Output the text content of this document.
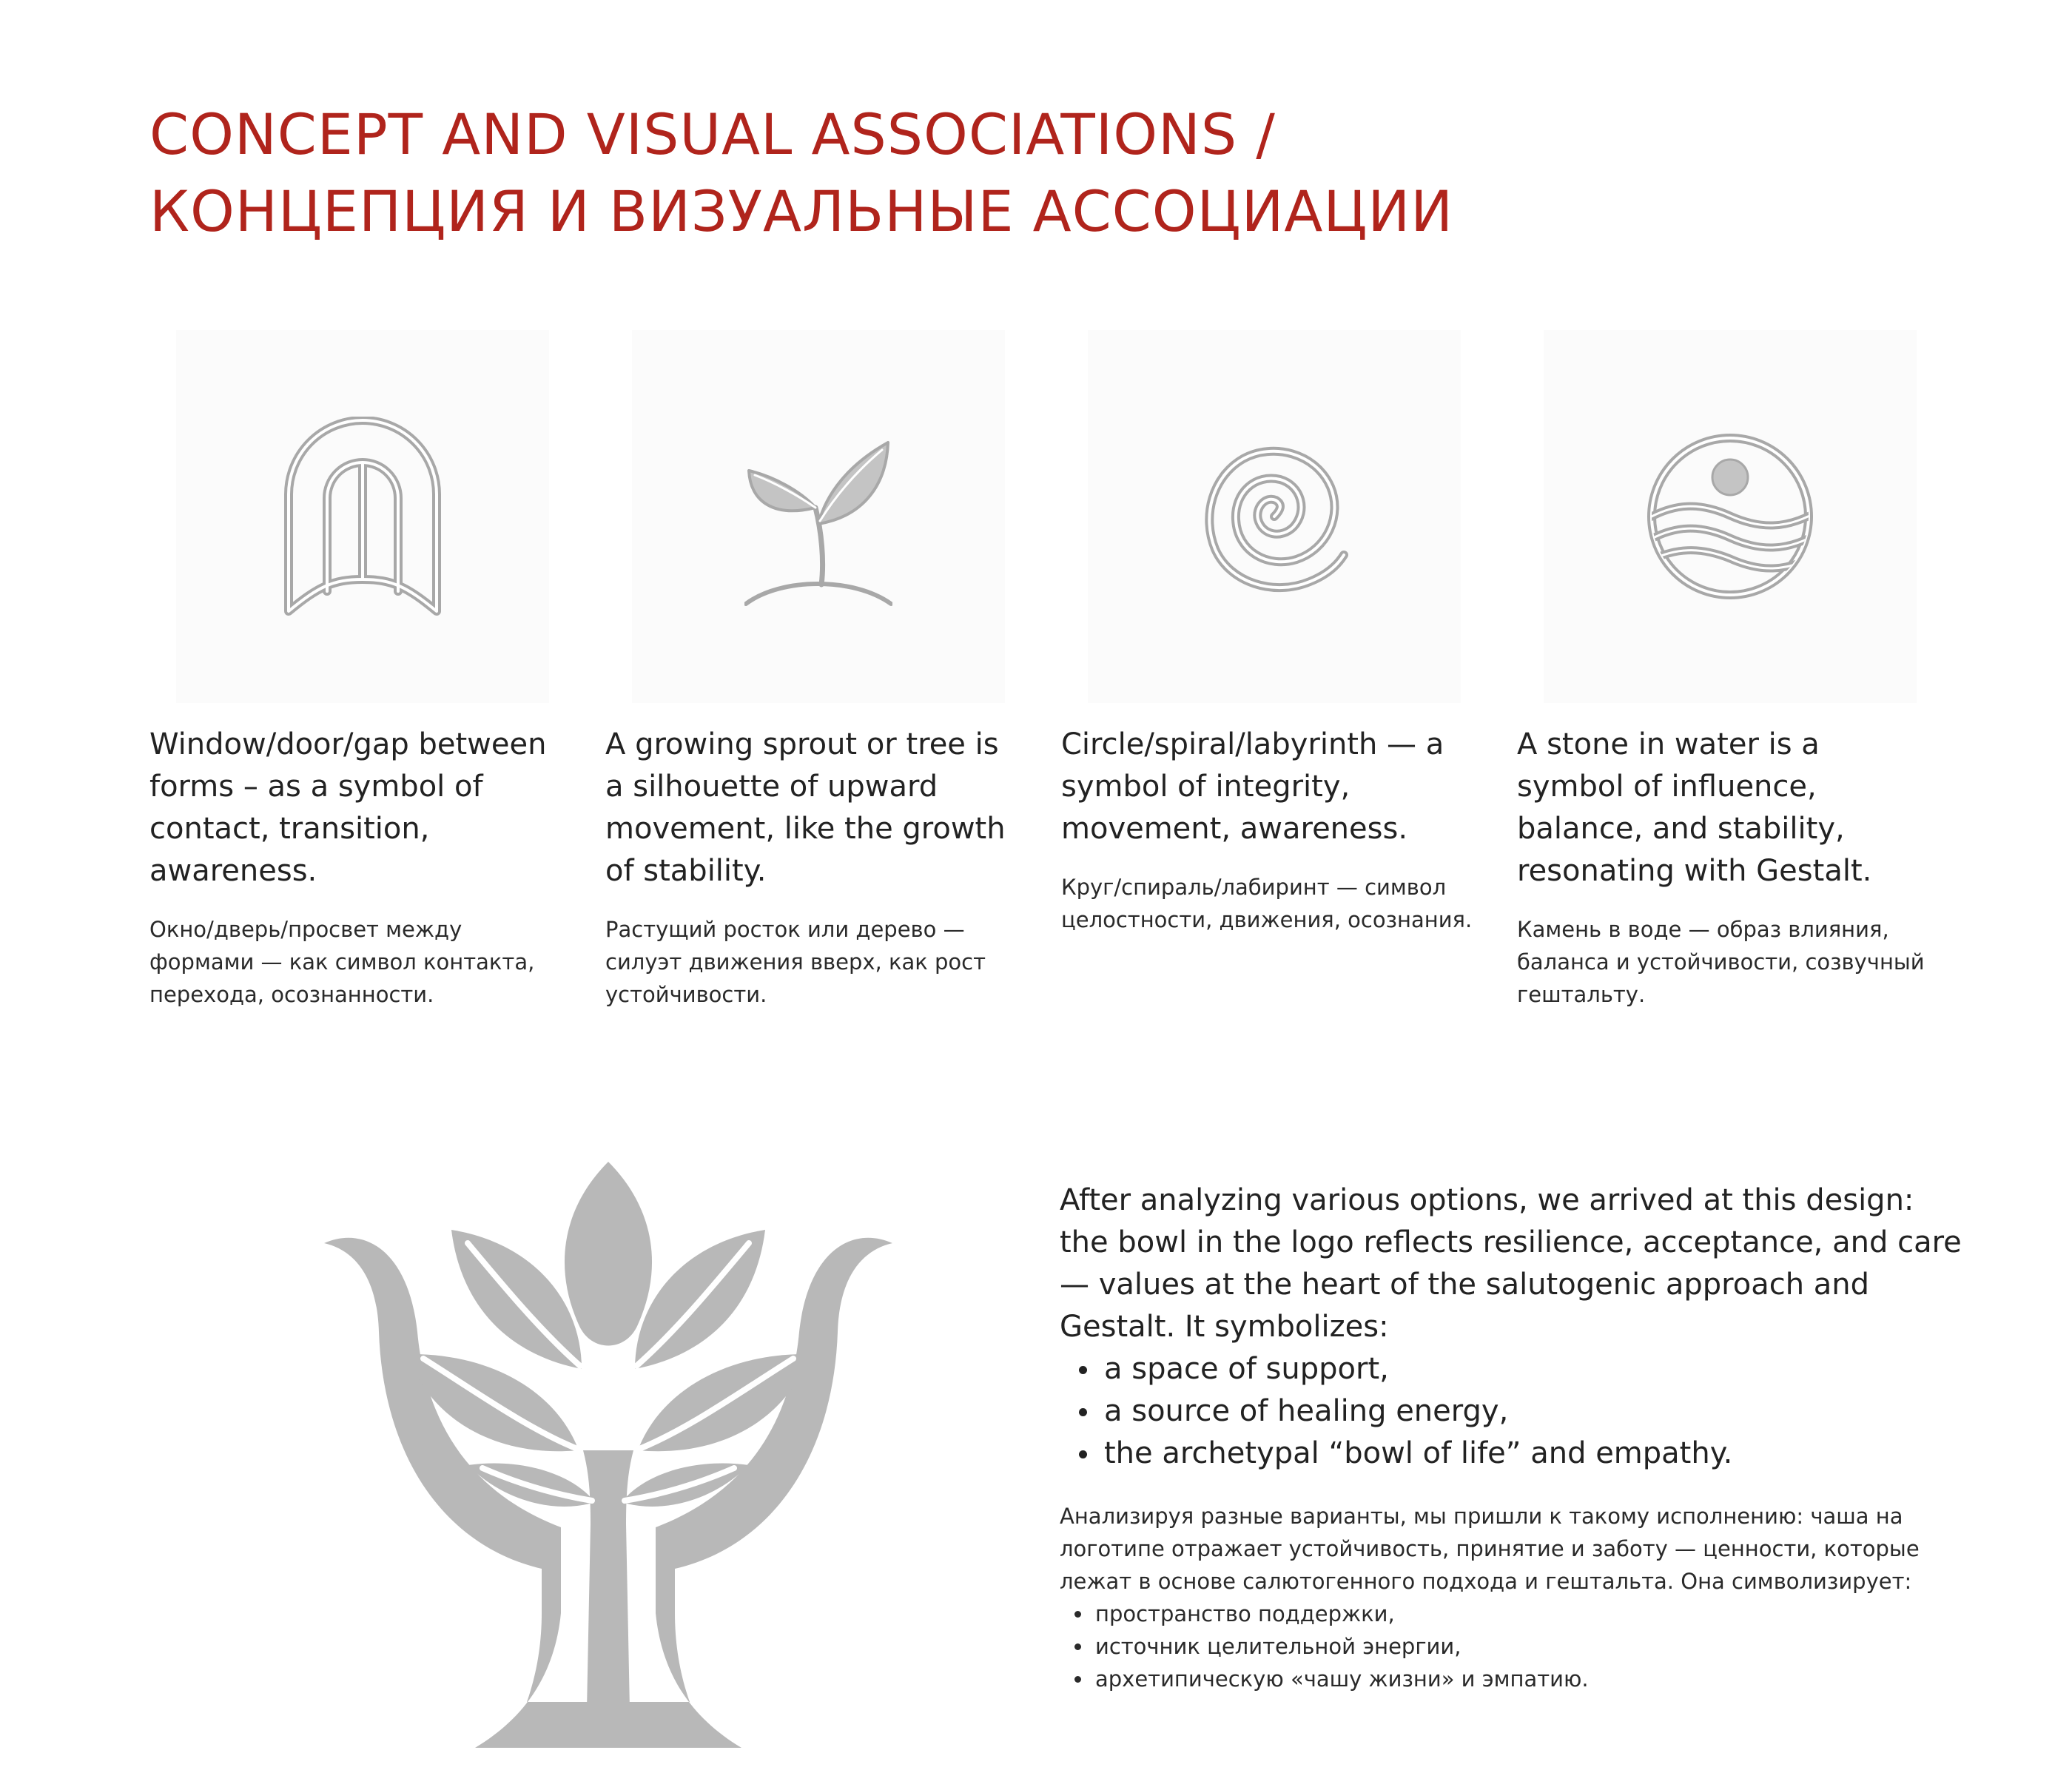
CONCEPT AND VISUAL ASSOCIATIONS /
КОНЦЕПЦИЯ И ВИЗУАЛЬНЫЕ АССОЦИАЦИИ

Window/door/gap between forms – as a symbol of contact, transition, awareness.

Окно/дверь/просвет между формами — как символ контакта, перехода, осознанности.

A growing sprout or tree is a silhouette of upward movement, like the growth of stability.

Растущий росток или дерево — силуэт движения вверх, как рост устойчивости.

Circle/spiral/labyrinth — a symbol of integrity, movement, awareness.

Круг/спираль/лабиринт — символ целостности, движения, осознания.

A stone in water is a symbol of influence, balance, and stability, resonating with Gestalt.

Камень в воде — образ влияния, баланса и устойчивости, созвучный гештальту.

After analyzing various options, we arrived at this design: the bowl in the logo reflects resilience, acceptance, and care — values at the heart of the salutogenic approach and Gestalt. It symbolizes:

a space of support,
a source of healing energy,
the archetypal “bowl of life” and empathy.

Анализируя разные варианты, мы пришли к такому исполнению: чаша на логотипе отражает устойчивость, принятие и заботу — ценности, которые лежат в основе салютогенного подхода и гештальта. Она символизирует:

пространство поддержки,
источник целительной энергии,
архетипическую «чашу жизни» и эмпатию.
